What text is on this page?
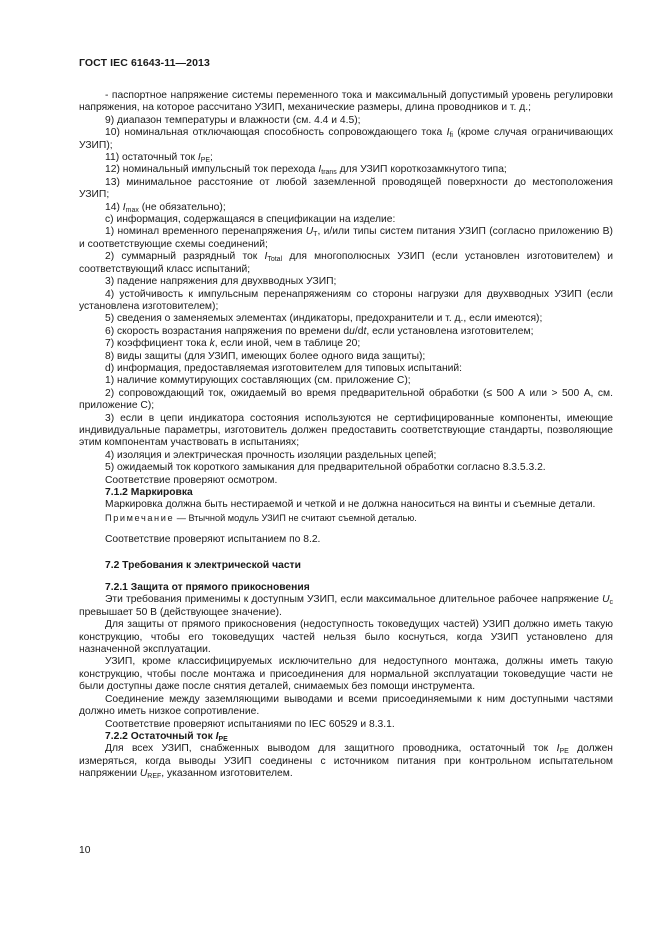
ГОСТ IEC 61643-11—2013

- паспортное напряжение системы переменного тока и максимальный допустимый уровень регулировки напряжения, на которое рассчитано УЗИП, механические размеры, длина проводников и т. д.;

9) диапазон температуры и влажности (см. 4.4 и 4.5);

10) номинальная отключающая способность сопровождающего тока $I_{fi}$ (кроме случая ограничивающих УЗИП);

11) остаточный ток $I_{PE}$;

12) номинальный импульсный ток перехода $I_{trans}$ для УЗИП короткозамкнутого типа;

13) минимальное расстояние от любой заземленной проводящей поверхности до местоположения УЗИП;

14) $I_{max}$ (не обязательно);

c) информация, содержащаяся в спецификации на изделие:

1) номинал временного перенапряжения $U_T$, и/или типы систем питания УЗИП (согласно приложению В) и соответствующие схемы соединений;

2) суммарный разрядный ток $I_{Total}$ для многополюсных УЗИП (если установлен изготовителем) и соответствующий класс испытаний;

3) падение напряжения для двухвводных УЗИП;

4) устойчивость к импульсным перенапряжениям со стороны нагрузки для двухвводных УЗИП (если установлена изготовителем);

5) сведения о заменяемых элементах (индикаторы, предохранители и т. д., если имеются);

6) скорость возрастания напряжения по времени du/dt, если установлена изготовителем;

7) коэффициент тока k, если иной, чем в таблице 20;

8) виды защиты (для УЗИП, имеющих более одного вида защиты);

d) информация, предоставляемая изготовителем для типовых испытаний:

1) наличие коммутирующих составляющих (см. приложение С);

2) сопровождающий ток, ожидаемый во время предварительной обработки (≤ 500 А или > 500 А, см. приложение С);

3) если в цепи индикатора состояния используются не сертифицированные компоненты, имеющие индивидуальные параметры, изготовитель должен предоставить соответствующие стандарты, позволяющие этим компонентам участвовать в испытаниях;

4) изоляция и электрическая прочность изоляции раздельных цепей;

5) ожидаемый ток короткого замыкания для предварительной обработки согласно 8.3.5.3.2.

Соответствие проверяют осмотром.

7.1.2 Маркировка

Маркировка должна быть нестираемой и четкой и не должна наноситься на винты и съемные детали.

Примечание — Втычной модуль УЗИП не считают съемной деталью.

Соответствие проверяют испытанием по 8.2.

7.2 Требования к электрической части

7.2.1 Защита от прямого прикосновения

Эти требования применимы к доступным УЗИП, если максимальное длительное рабочее напряжение $U_c$ превышает 50 В (действующее значение).

Для защиты от прямого прикосновения (недоступность токоведущих частей) УЗИП должно иметь такую конструкцию, чтобы его токоведущих частей нельзя было коснуться, когда УЗИП установлено для назначенной эксплуатации.

УЗИП, кроме классифицируемых исключительно для недоступного монтажа, должны иметь такую конструкцию, чтобы после монтажа и присоединения для нормальной эксплуатации токоведущие части не были доступны даже после снятия деталей, снимаемых без помощи инструмента.

Соединение между заземляющими выводами и всеми присоединяемыми к ним доступными частями должно иметь низкое сопротивление.

Соответствие проверяют испытаниями по IEC 60529 и 8.3.1.

7.2.2 Остаточный ток $I_{PE}$

Для всех УЗИП, снабженных выводом для защитного проводника, остаточный ток $I_{PE}$ должен измеряться, когда выводы УЗИП соединены с источником питания при контрольном испытательном напряжении $U_{REF}$, указанном изготовителем.

10
